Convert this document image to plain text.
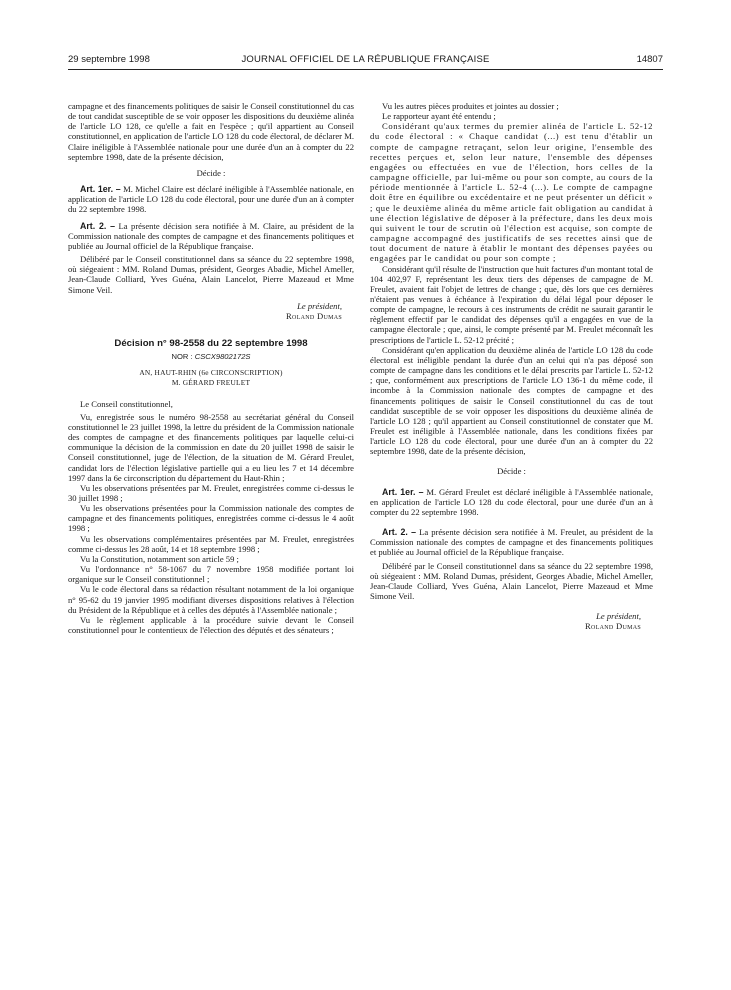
29 septembre 1998	JOURNAL OFFICIEL DE LA RÉPUBLIQUE FRANÇAISE	14807

campagne et des financements politiques de saisir le Conseil constitutionnel du cas de tout candidat susceptible de se voir opposer les dispositions du deuxième alinéa de l'article LO 128, ce qu'elle a fait en l'espèce ; qu'il appartient au Conseil constitutionnel, en application de l'article LO 128 du code électoral, de déclarer M. Claire inéligible à l'Assemblée nationale pour une durée d'un an à compter du 22 septembre 1998, date de la présente décision,

Décide :

Art. 1er. – M. Michel Claire est déclaré inéligible à l'Assemblée nationale, en application de l'article LO 128 du code électoral, pour une durée d'un an à compter du 22 septembre 1998.

Art. 2. – La présente décision sera notifiée à M. Claire, au président de la Commission nationale des comptes de campagne et des financements politiques et publiée au Journal officiel de la République française.

Délibéré par le Conseil constitutionnel dans sa séance du 22 septembre 1998, où siégeaient : MM. Roland Dumas, président, Georges Abadie, Michel Ameller, Jean-Claude Colliard, Yves Guéna, Alain Lancelot, Pierre Mazeaud et Mme Simone Veil.

Le président,

Roland Dumas

Décision n° 98-2558 du 22 septembre 1998
NOR : CSCX9802172S
AN, HAUT-RHIN (6e CIRCONSCRIPTION)
M. GÉRARD FREULET

Le Conseil constitutionnel,

Vu, enregistrée sous le numéro 98-2558 au secrétariat général du Conseil constitutionnel le 23 juillet 1998, la lettre du président de la Commission nationale des comptes de campagne et des financements politiques par laquelle celui-ci communique la décision de la commission en date du 20 juillet 1998 de saisir le Conseil constitutionnel, juge de l'élection, de la situation de M. Gérard Freulet, candidat lors de l'élection législative partielle qui a eu lieu les 7 et 14 décembre 1997 dans la 6e circonscription du département du Haut-Rhin ;

Vu les observations présentées par M. Freulet, enregistrées comme ci-dessus le 30 juillet 1998 ;

Vu les observations présentées pour la Commission nationale des comptes de campagne et des financements politiques, enregistrées comme ci-dessus le 4 août 1998 ;

Vu les observations complémentaires présentées par M. Freulet, enregistrées comme ci-dessus les 28 août, 14 et 18 septembre 1998 ;

Vu la Constitution, notamment son article 59 ;

Vu l'ordonnance n° 58-1067 du 7 novembre 1958 modifiée portant loi organique sur le Conseil constitutionnel ;

Vu le code électoral dans sa rédaction résultant notamment de la loi organique n° 95-62 du 19 janvier 1995 modifiant diverses dispositions relatives à l'élection du Président de la République et à celles des députés à l'Assemblée nationale ;

Vu le règlement applicable à la procédure suivie devant le Conseil constitutionnel pour le contentieux de l'élection des députés et des sénateurs ;

Vu les autres pièces produites et jointes au dossier ;

Le rapporteur ayant été entendu ;

Considérant qu'aux termes du premier alinéa de l'article L. 52-12 du code électoral : « Chaque candidat (...) est tenu d'établir un compte de campagne retraçant, selon leur origine, l'ensemble des recettes perçues et, selon leur nature, l'ensemble des dépenses engagées ou effectuées en vue de l'élection, hors celles de la campagne officielle, par lui-même ou pour son compte, au cours de la période mentionnée à l'article L. 52-4 (...). Le compte de campagne doit être en équilibre ou excédentaire et ne peut présenter un déficit » ; que le deuxième alinéa du même article fait obligation au candidat à une élection législative de déposer à la préfecture, dans les deux mois qui suivent le tour de scrutin où l'élection est acquise, son compte de campagne accompagné des justificatifs de ses recettes ainsi que de tout document de nature à établir le montant des dépenses payées ou engagées par le candidat ou pour son compte ;

Considérant qu'il résulte de l'instruction que huit factures d'un montant total de 104 402,97 F, représentant les deux tiers des dépenses de campagne de M. Freulet, avaient fait l'objet de lettres de change ; que, dès lors que ces dernières n'étaient pas venues à échéance à l'expiration du délai légal pour déposer le compte de campagne, le recours à ces instruments de crédit ne saurait garantir le règlement effectif par le candidat des dépenses qu'il a engagées en vue de la campagne électorale ; que, ainsi, le compte présenté par M. Freulet méconnaît les prescriptions de l'article L. 52-12 précité ;

Considérant qu'en application du deuxième alinéa de l'article LO 128 du code électoral est inéligible pendant la durée d'un an celui qui n'a pas déposé son compte de campagne dans les conditions et le délai prescrits par l'article L. 52-12 ; que, conformément aux prescriptions de l'article LO 136-1 du même code, il incombe à la Commission nationale des comptes de campagne et des financements politiques de saisir le Conseil constitutionnel du cas de tout candidat susceptible de se voir opposer les dispositions du deuxième alinéa de l'article LO 128 ; qu'il appartient au Conseil constitutionnel de constater que M. Freulet est inéligible à l'Assemblée nationale, dans les conditions fixées par l'article LO 128 du code électoral, pour une durée d'un an à compter du 22 septembre 1998, date de la présente décision,

Décide :

Art. 1er. – M. Gérard Freulet est déclaré inéligible à l'Assemblée nationale, en application de l'article LO 128 du code électoral, pour une durée d'un an à compter du 22 septembre 1998.

Art. 2. – La présente décision sera notifiée à M. Freulet, au président de la Commission nationale des comptes de campagne et des financements politiques et publiée au Journal officiel de la République française.

Délibéré par le Conseil constitutionnel dans sa séance du 22 septembre 1998, où siégeaient : MM. Roland Dumas, président, Georges Abadie, Michel Ameller, Jean-Claude Colliard, Yves Guéna, Alain Lancelot, Pierre Mazeaud et Mme Simone Veil.

Le président,

Roland Dumas
